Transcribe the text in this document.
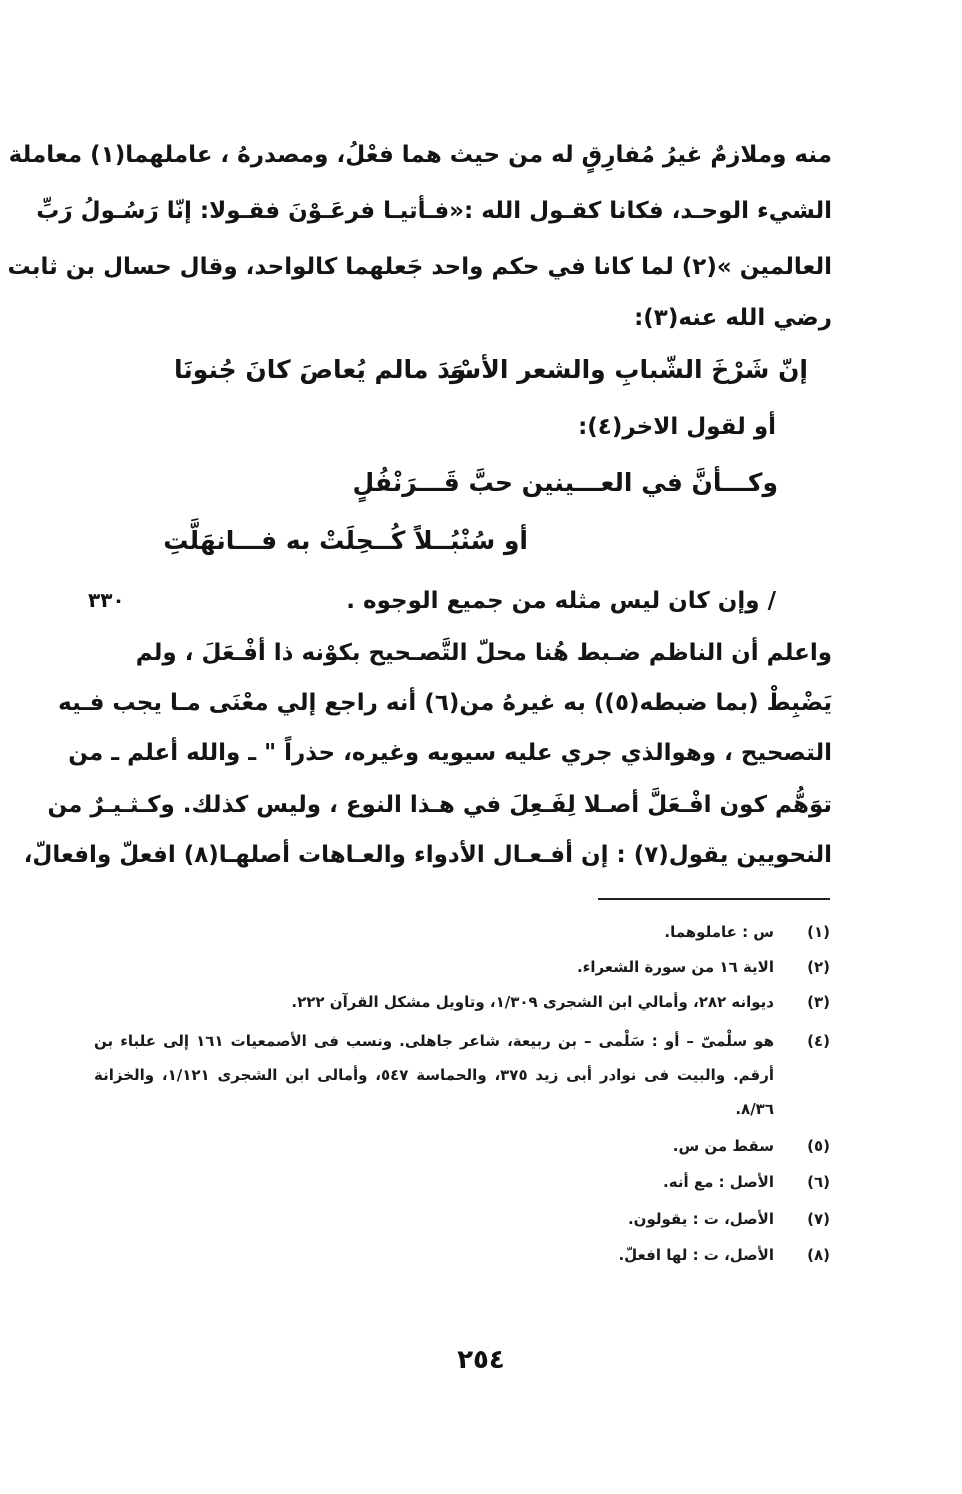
منه وملازمٌ غيرُ مُفارِقٍ له من حيث هما فعْلُ، ومصدرهُ ، عاملهما(١) معاملة
الشيء الوحـد، فكانا كقـول الله :«فـأتيـا فرعَـوْنَ فقـولا: إنّا رَسُـولُ رَبِّ
العالمين »(٢) لما كانا في حكم واحد جَعلهما كالواحد، وقال حسال بن ثابت
رضي الله عنه(٣):
إنّ شَرْخَ الشّبابِ والشعر الأسْـ
ـوَدَ مالم يُعاصَ كانَ جُنونَا
أو لقول الاخر(٤):
وكـــأنَّ في العـــينين حبَّ قَـــرَنْفُلٍ
أو سُنْبُــلاً كُــحِلَتْ به فـــانهَلَّتِ
/ وإن كان ليس مثله من جميع الوجوه .
٣٣٠
واعلم أن الناظم ضـبط هُنا محلّ التَّصـحيح بكوْنه ذا أفْـعَلَ ، ولم
يَضْبِطْ (بما ضبطه(٥)) به غيرهُ من(٦) أنه راجع إلي معْنَى مـا يجب فـيه
التصحيح ، وهوالذي جري عليه سيويه وغيره، حذراً " ـ والله أعلم ـ من
توَهُّم كون افْـعَلَّ أصـلا لِفَـعِلَ في هـذا النوع ، وليس كذلك. وكـثـيـرٌ من
النحويين يقول(٧) : إن أفـعـال الأدواء والعـاهات أصلهـا(٨) افعلّ وافعالّ،
(١)
س : عاملوهما.
(٢)
الاية ١٦ من سورة الشعراء.
(٣)
ديوانه ٢٨٢، وأمالي ابن الشجرى ١/٣٠٩، وتاويل مشكل القرآن ٢٢٢.
(٤)
هو سلْمىّ – أو : سَلْمى – بن ربيعة، شاعر جاهلى. ونسب فى الأصمعيات ١٦١ إلى علباء بن
أرقم. والبيت فى نوادر أبى زيد ٣٧٥، والحماسة ٥٤٧، وأمالى ابن الشجرى ١/١٢١، والخزانة
٨/٣٦.
(٥)
سقط من س.
(٦)
الأصل : مع أنه.
(٧)
الأصل، ت : يقولون.
(٨)
الأصل، ت : لها افعلّ.
٢٥٤
